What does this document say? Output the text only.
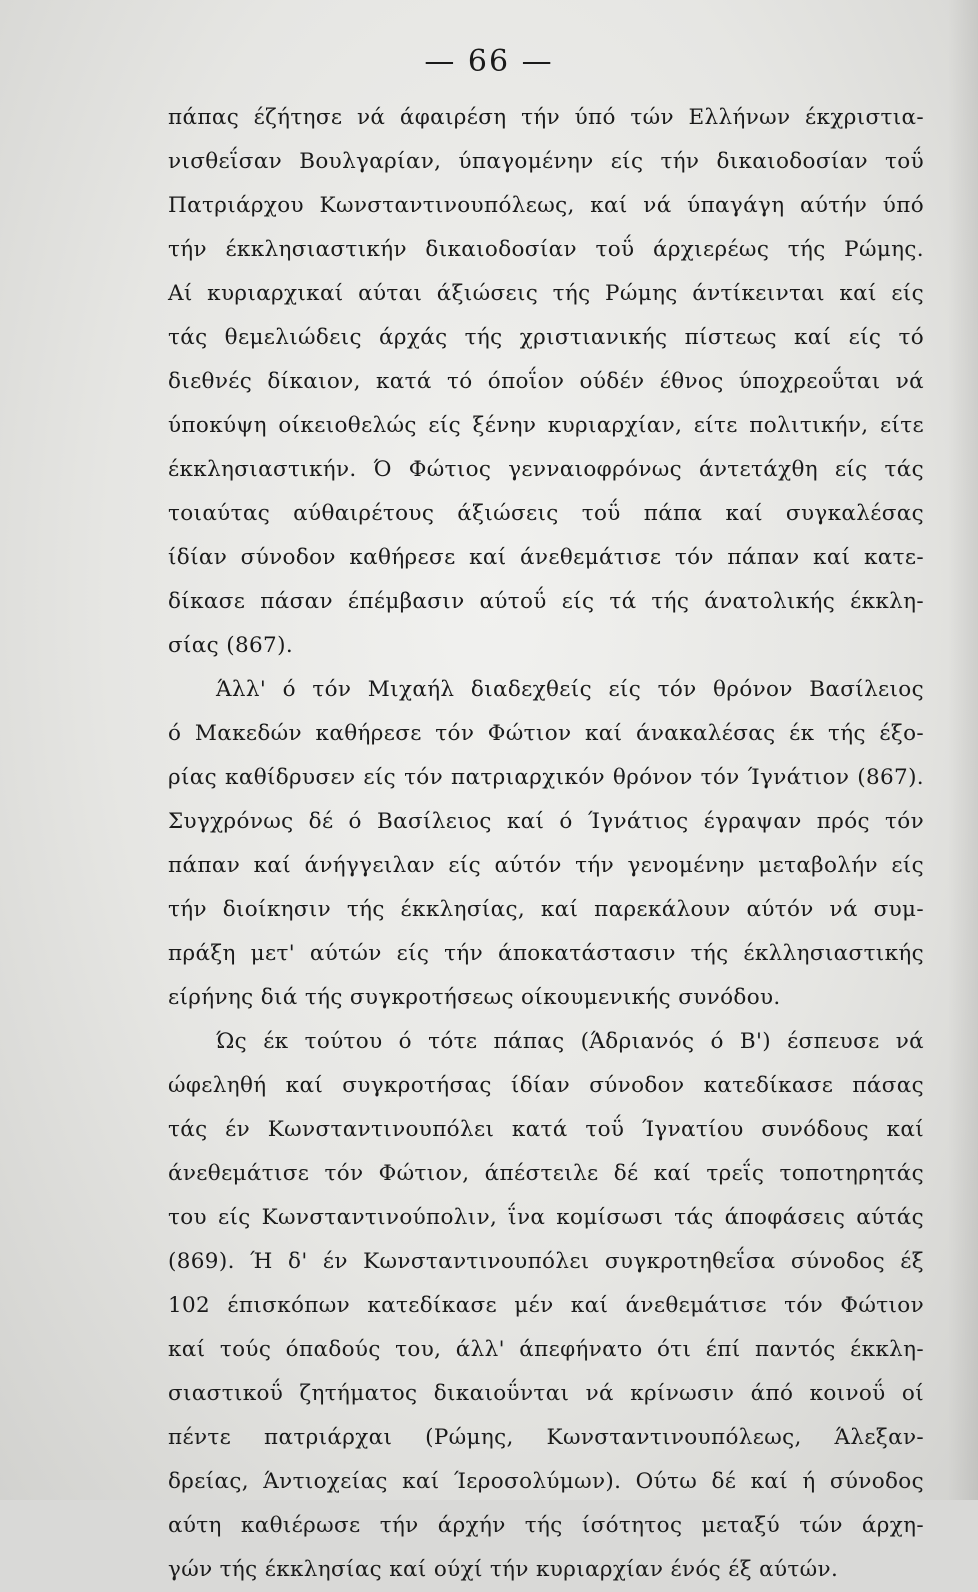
— 66 —
πάπας έζήτησε νά άφαιρέση τήν ύπό τών Ελλήνων έκχριστια-
νισθεΐσαν Βουλγαρίαν, ύπαγομένην είς τήν δικαιοδοσίαν τοΰ
Πατριάρχου Κωνσταντινουπόλεως, καί νά ύπαγάγη αύτήν ύπό
τήν έκκλησιαστικήν δικαιοδοσίαν τοΰ άρχιερέως τής Ρώμης.
Αί κυριαρχικαί αύται άξιώσεις τής Ρώμης άντίκεινται καί είς
τάς θεμελιώδεις άρχάς τής χριστιανικής πίστεως καί είς τό
διεθνές δίκαιον, κατά τό όποΐον ούδέν έθνος ύποχρεοΰται νά
ύποκύψη οίκειοθελώς είς ξένην κυριαρχίαν, είτε πολιτικήν, είτε
έκκλησιαστικήν. Ό Φώτιος γενναιοφρόνως άντετάχθη είς τάς
τοιαύτας αύθαιρέτους άξιώσεις τοΰ πάπα καί συγκαλέσας
ίδίαν σύνοδον καθήρεσε καί άνεθεμάτισε τόν πάπαν καί κατε-
δίκασε πάσαν έπέμβασιν αύτοΰ είς τά τής άνατολικής έκκλη-
σίας (867).
Άλλ' ό τόν Μιχαήλ διαδεχθείς είς τόν θρόνον Βασίλειος
ό Μακεδών καθήρεσε τόν Φώτιον καί άνακαλέσας έκ τής έξο-
ρίας καθίδρυσεν είς τόν πατριαρχικόν θρόνον τόν Ίγνάτιον (867).
Συγχρόνως δέ ό Βασίλειος καί ό Ίγνάτιος έγραψαν πρός τόν
πάπαν καί άνήγγειλαν είς αύτόν τήν γενομένην μεταβολήν είς
τήν διοίκησιν τής έκκλησίας, καί παρεκάλουν αύτόν νά συμ-
πράξη μετ' αύτών είς τήν άποκατάστασιν τής έκλλησιαστικής
είρήνης διά τής συγκροτήσεως οίκουμενικής συνόδου.
Ώς έκ τούτου ό τότε πάπας (Άδριανός ό Β') έσπευσε νά
ώφεληθή καί συγκροτήσας ίδίαν σύνοδον κατεδίκασε πάσας
τάς έν Κωνσταντινουπόλει κατά τοΰ Ίγνατίου συνόδους καί
άνεθεμάτισε τόν Φώτιον, άπέστειλε δέ καί τρεΐς τοποτηρητάς
του είς Κωνσταντινούπολιν, ΐνα κομίσωσι τάς άποφάσεις αύτάς
(869). Ή δ' έν Κωνσταντινουπόλει συγκροτηθεΐσα σύνοδος έξ
102 έπισκόπων κατεδίκασε μέν καί άνεθεμάτισε τόν Φώτιον
καί τούς όπαδούς του, άλλ' άπεφήνατο ότι έπί παντός έκκλη-
σιαστικοΰ ζητήματος δικαιοΰνται νά κρίνωσιν άπό κοινοΰ οί
πέντε πατριάρχαι (Ρώμης, Κωνσταντινουπόλεως, Άλεξαν-
δρείας, Άντιοχείας καί Ίεροσολύμων). Ούτω δέ καί ή σύνοδος
αύτη καθιέρωσε τήν άρχήν τής ίσότητος μεταξύ τών άρχη-
γών τής έκκλησίας καί ούχί τήν κυριαρχίαν ένός έξ αύτών.
